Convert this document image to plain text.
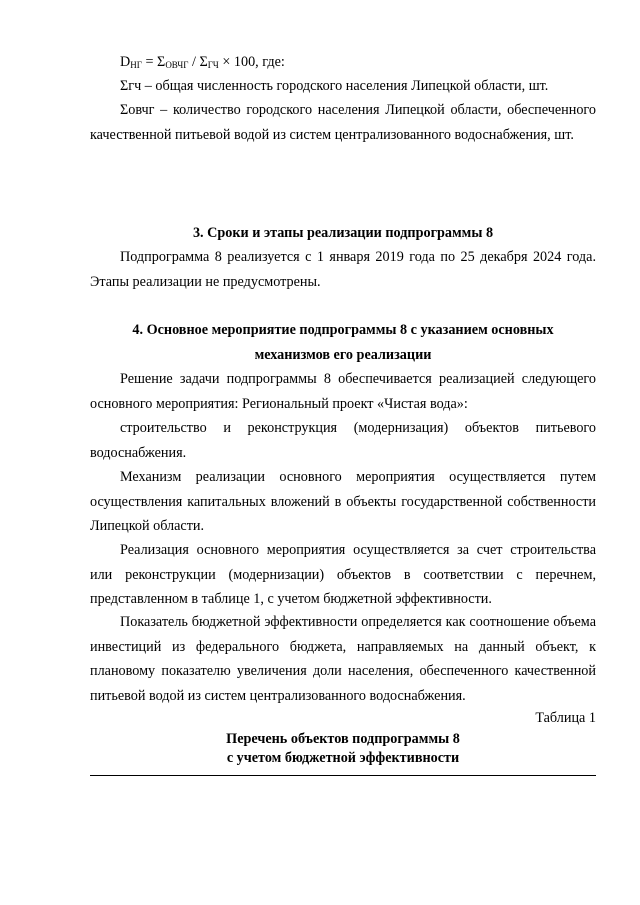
$D_{НГ} = \Sigma_{ОВЧГ} / \Sigma_{ГЧ} \times 100$, где:
Σгч – общая численность городского населения Липецкой области, шт.
Σовчг – количество городского населения Липецкой области, обеспеченного качественной питьевой водой из систем централизованного водоснабжения, шт.
3. Сроки и этапы реализации подпрограммы 8
Подпрограмма 8 реализуется с 1 января 2019 года по 25 декабря 2024 года. Этапы реализации не предусмотрены.
4. Основное мероприятие подпрограммы 8 с указанием основных
механизмов его реализации
Решение задачи подпрограммы 8 обеспечивается реализацией следующего основного мероприятия: Региональный проект «Чистая вода»:
строительство и реконструкция (модернизация) объектов питьевого водоснабжения.
Механизм реализации основного мероприятия осуществляется путем осуществления капитальных вложений в объекты государственной собственности Липецкой области.
Реализация основного мероприятия осуществляется за счет строительства или реконструкции (модернизации) объектов в соответствии с перечнем, представленном в таблице 1, с учетом бюджетной эффективности.
Показатель бюджетной эффективности определяется как соотношение объема инвестиций из федерального бюджета, направляемых на данный объект, к плановому показателю увеличения доли населения, обеспеченного качественной питьевой водой из систем централизованного водоснабжения.
Таблица 1
Перечень объектов подпрограммы 8
с учетом бюджетной эффективности
